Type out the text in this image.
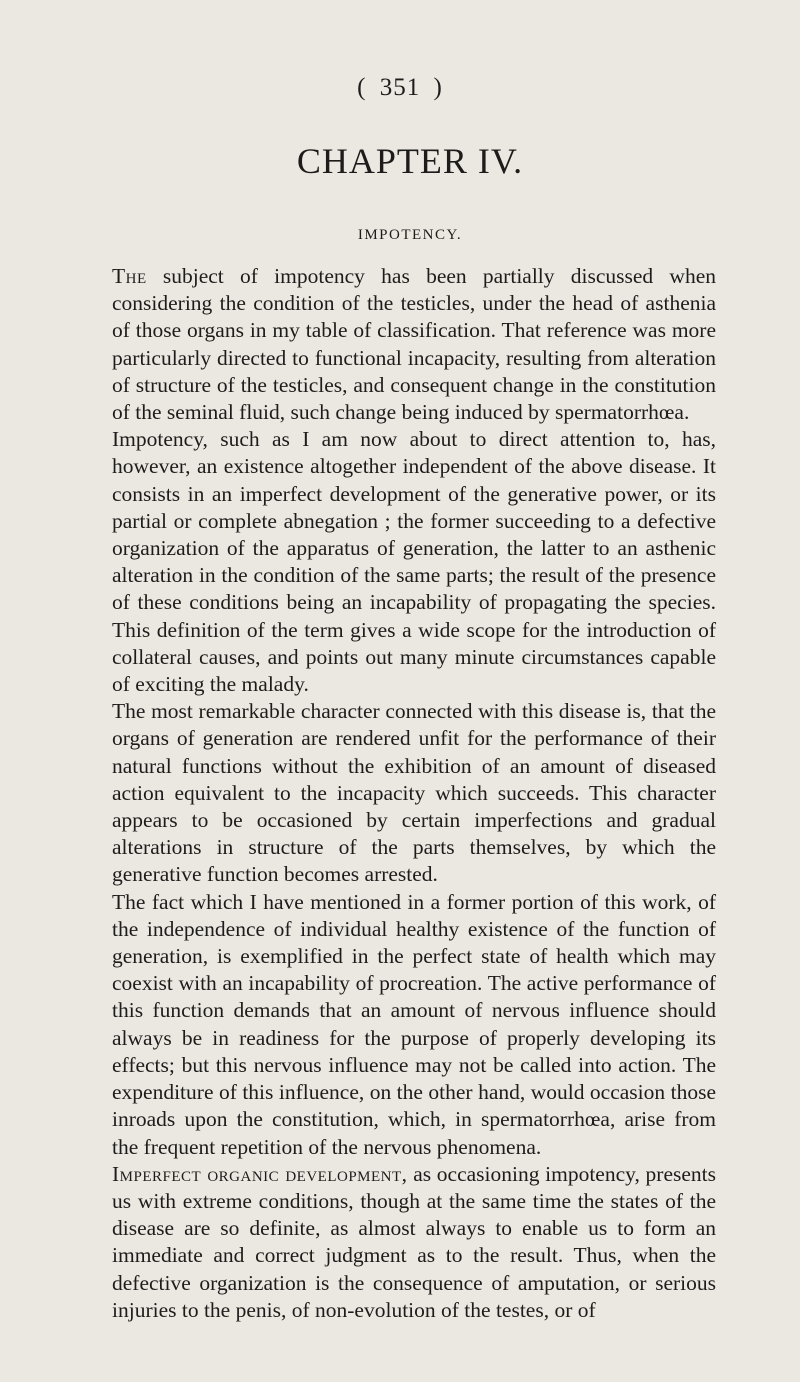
( 351 )
CHAPTER IV.
IMPOTENCY.

The subject of impotency has been partially discussed when considering the condition of the testicles, under the head of asthenia of those organs in my table of classification. That reference was more particularly directed to functional incapacity, resulting from alteration of structure of the testicles, and consequent change in the constitution of the seminal fluid, such change being induced by spermatorrhœa.

Impotency, such as I am now about to direct attention to, has, however, an existence altogether independent of the above disease. It consists in an imperfect development of the generative power, or its partial or complete abnegation ; the former succeeding to a defective organization of the apparatus of generation, the latter to an asthenic alteration in the condition of the same parts; the result of the presence of these conditions being an incapability of propagating the species. This definition of the term gives a wide scope for the introduction of collateral causes, and points out many minute circumstances capable of exciting the malady.

The most remarkable character connected with this disease is, that the organs of generation are rendered unfit for the performance of their natural functions without the exhibition of an amount of diseased action equivalent to the incapacity which succeeds. This character appears to be occasioned by certain imperfections and gradual alterations in structure of the parts themselves, by which the generative function becomes arrested.

The fact which I have mentioned in a former portion of this work, of the independence of individual healthy existence of the function of generation, is exemplified in the perfect state of health which may coexist with an incapability of procreation. The active performance of this function demands that an amount of nervous influence should always be in readiness for the purpose of properly developing its effects; but this nervous influence may not be called into action. The expenditure of this influence, on the other hand, would occasion those inroads upon the constitution, which, in spermatorrhœa, arise from the frequent repetition of the nervous phenomena.

Imperfect organic development, as occasioning impotency, presents us with extreme conditions, though at the same time the states of the disease are so definite, as almost always to enable us to form an immediate and correct judgment as to the result. Thus, when the defective organization is the consequence of amputation, or serious injuries to the penis, of non-evolution of the testes, or of
